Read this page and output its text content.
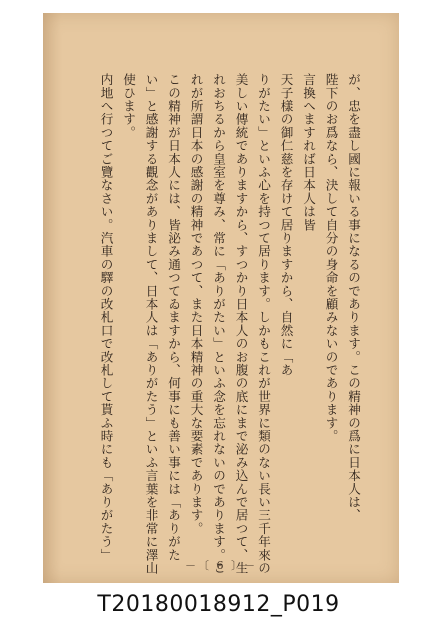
が、忠を盡し國に報いる事になるのであります。この精神の爲に日本人は、
陛下のお爲なら、決して自分の身命を顧みないのであります。
言換へますれば日本人は皆
天子樣の御仁慈を存けて居りますから、自然に「あ
りがたい」といふ心を持つて居ります。しかもこれが世界に類のない長い三千年來の
美しい傳統でありますから、すつかり日本人のお腹の底にまで泌み込んで居つて、生
れおちるから皇室を尊み、常に「ありがたい」といふ念を忘れないのであります。こ
れが所謂日本の感謝の精神であつて、また日本精神の重大な要素であります。
この精神が日本人には、皆泌み通つてゐますから、何事にも善い事には「ありがた
い」と感謝する觀念がありまして、日本人は「ありがたう」といふ言葉を非常に澤山
使ひます。
内地へ行つてご覽なさい。汽車の驛の改札口で改札して貰ふ時にも「ありがたう」
－〔 6 〕－
T20180018912_P019
